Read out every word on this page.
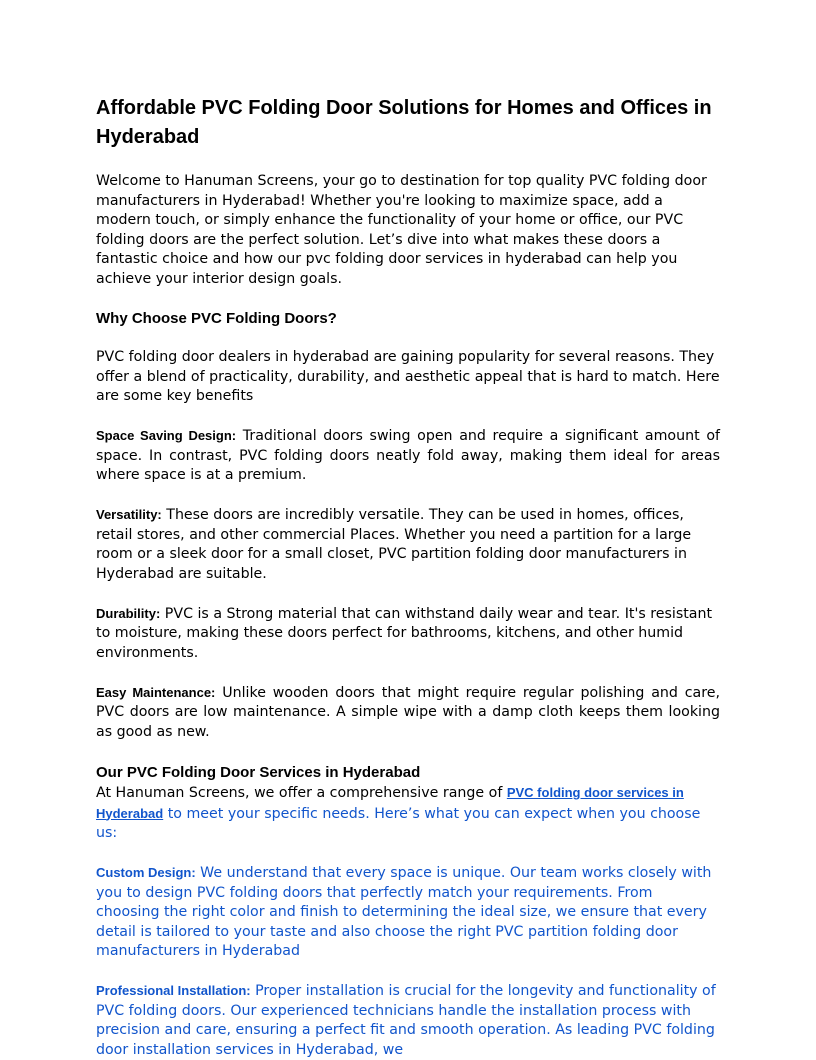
Affordable PVC Folding Door Solutions for Homes and Offices in Hyderabad

Welcome to Hanuman Screens, your go to destination for top quality PVC folding door manufacturers in Hyderabad! Whether you're looking to maximize space, add a modern touch, or simply enhance the functionality of your home or office, our PVC folding doors are the perfect solution. Let’s dive into what makes these doors a fantastic choice and how our pvc folding door services in hyderabad can help you achieve your interior design goals.

Why Choose PVC Folding Doors?

PVC folding door dealers in hyderabad are gaining popularity for several reasons. They offer a blend of practicality, durability, and aesthetic appeal that is hard to match. Here are some key benefits

Space Saving Design: Traditional doors swing open and require a significant amount of space. In contrast, PVC folding doors neatly fold away, making them ideal for areas where space is at a premium.

Versatility: These doors are incredibly versatile. They can be used in homes, offices, retail stores, and other commercial Places. Whether you need a partition for a large room or a sleek door for a small closet, PVC partition folding door manufacturers in Hyderabad are suitable.

Durability: PVC is a Strong material that can withstand daily wear and tear. It's resistant to moisture, making these doors perfect for bathrooms, kitchens, and other humid environments.

Easy Maintenance: Unlike wooden doors that might require regular polishing and care, PVC doors are low maintenance. A simple wipe with a damp cloth keeps them looking as good as new.

Our PVC Folding Door Services in Hyderabad

At Hanuman Screens, we offer a comprehensive range of PVC folding door services in Hyderabad to meet your specific needs. Here’s what you can expect when you choose us:

Custom Design: We understand that every space is unique. Our team works closely with you to design PVC folding doors that perfectly match your requirements. From choosing the right color and finish to determining the ideal size, we ensure that every detail is tailored to your taste and also choose the right PVC partition folding door manufacturers in Hyderabad

Professional Installation: Proper installation is crucial for the longevity and functionality of PVC folding doors. Our experienced technicians handle the installation process with precision and care, ensuring a perfect fit and smooth operation. As leading PVC folding door installation services in Hyderabad, we
